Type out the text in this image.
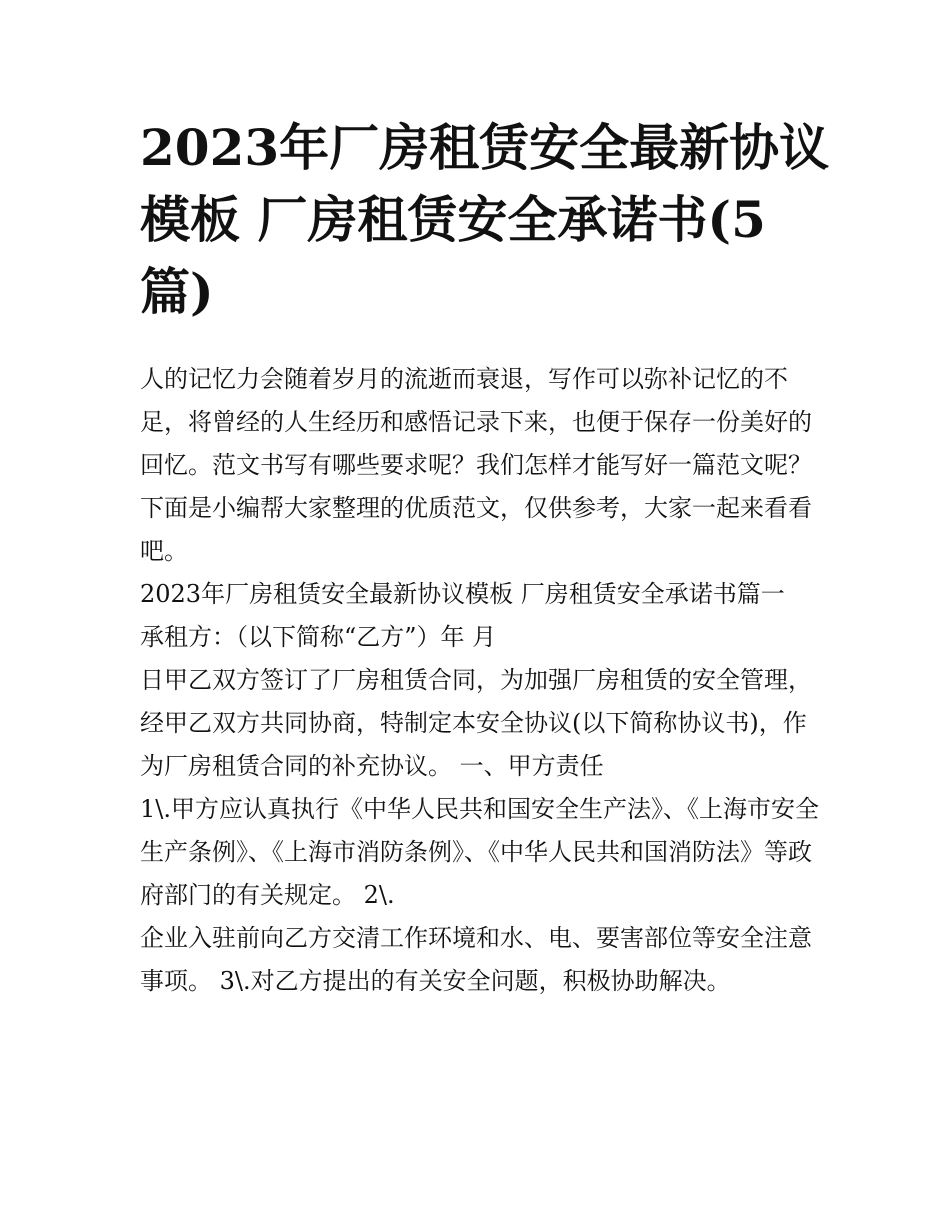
2023年厂房租赁安全最新协议模板 厂房租赁安全承诺书(5篇)

人的记忆力会随着岁月的流逝而衰退，写作可以弥补记忆的不足，将曾经的人生经历和感悟记录下来，也便于保存一份美好的回忆。范文书写有哪些要求呢？我们怎样才能写好一篇范文呢？下面是小编帮大家整理的优质范文，仅供参考，大家一起来看看吧。

2023年厂房租赁安全最新协议模板 厂房租赁安全承诺书篇一

承租方：（以下简称“乙方”）年 月

日甲乙双方签订了厂房租赁合同，为加强厂房租赁的安全管理，经甲乙双方共同协商，特制定本安全协议(以下简称协议书)，作为厂房租赁合同的补充协议。 一、甲方责任

1\.甲方应认真执行《中华人民共和国安全生产法》、《上海市安全生产条例》、《上海市消防条例》、《中华人民共和国消防法》等政府部门的有关规定。 2\.

企业入驻前向乙方交清工作环境和水、电、要害部位等安全注意事项。 3\.对乙方提出的有关安全问题，积极协助解决。
